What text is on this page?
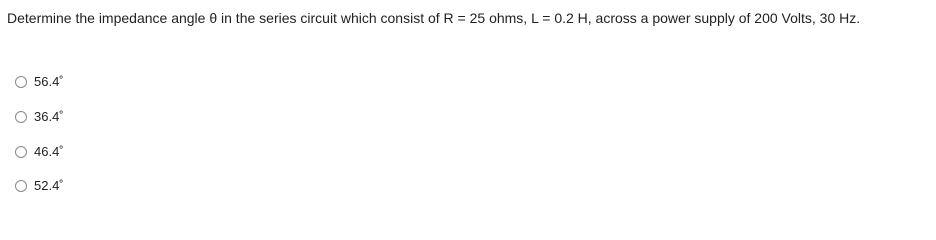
Determine the impedance angle θ in the series circuit which consist of R = 25 ohms, L = 0.2 H, across a power supply of 200 Volts, 30 Hz.
56.4˚
36.4˚
46.4˚
52.4˚
